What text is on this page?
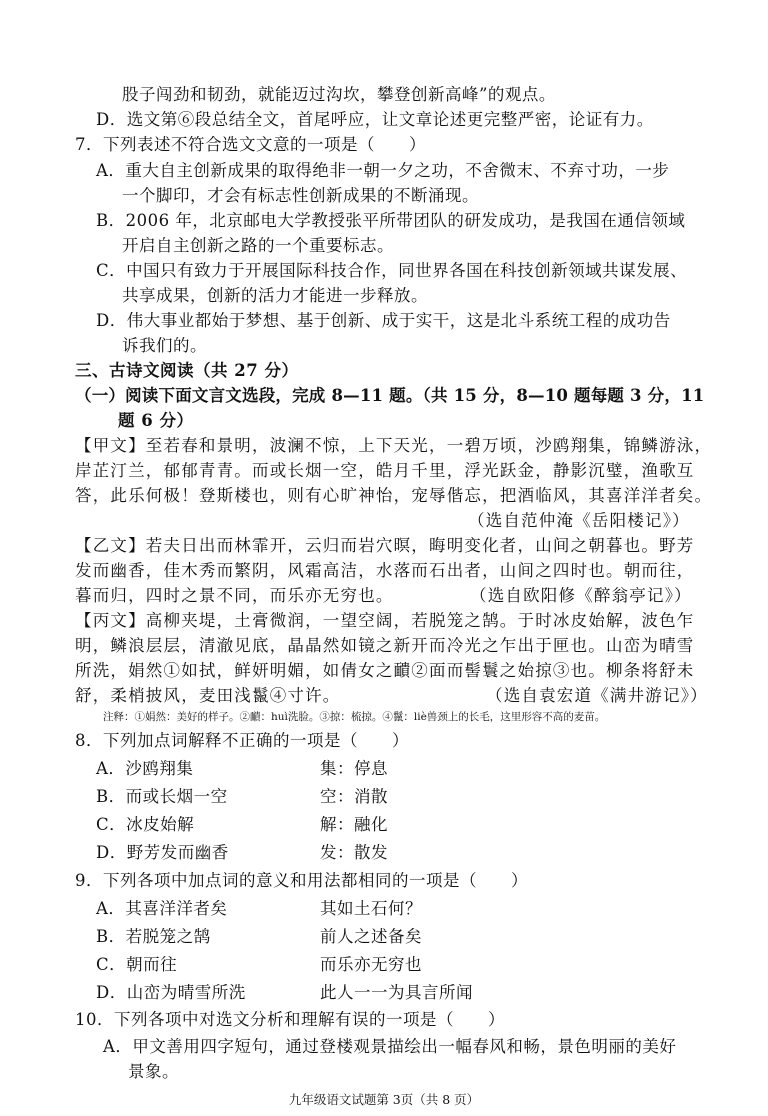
股子闯劲和韧劲，就能迈过沟坎，攀登创新高峰”的观点。
D．选文第⑥段总结全文，首尾呼应，让文章论述更完整严密，论证有力。
7．下列表述不符合选文文意的一项是（　　）
A．重大自主创新成果的取得绝非一朝一夕之功，不舍微末、不弃寸功，一步
一个脚印，才会有标志性创新成果的不断涌现。
B．2006 年，北京邮电大学教授张平所带团队的研发成功，是我国在通信领域
开启自主创新之路的一个重要标志。
C．中国只有致力于开展国际科技合作，同世界各国在科技创新领域共谋发展、
共享成果，创新的活力才能进一步释放。
D．伟大事业都始于梦想、基于创新、成于实干，这是北斗系统工程的成功告
诉我们的。
三、古诗文阅读（共 27 分）
（一）阅读下面文言文选段，完成 8—11 题。（共 15 分，8—10 题每题 3 分，11
题 6 分）
【甲文】至若春和景明，波澜不惊，上下天光，一碧万顷，沙鸥翔集，锦鳞游泳，
岸芷汀兰，郁郁青青。而或长烟一空，皓月千里，浮光跃金，静影沉璧，渔歌互
答，此乐何极！登斯楼也，则有心旷神怡，宠辱偕忘，把酒临风，其喜洋洋者矣。
（选自范仲淹《岳阳楼记》）
【乙文】若夫日出而林霏开，云归而岩穴暝，晦明变化者，山间之朝暮也。野芳
发而幽香，佳木秀而繁阴，风霜高洁，水落而石出者，山间之四时也。朝而往，
暮而归，四时之景不同，而乐亦无穷也。	（选自欧阳修《醉翁亭记》）
【丙文】高柳夹堤，土膏微润，一望空阔，若脱笼之鹄。于时冰皮始解，波色乍
明，鳞浪层层，清澈见底，晶晶然如镜之新开而冷光之乍出于匣也。山峦为晴雪
所洗，娟然①如拭，鲜妍明媚，如倩女之靧②面而髻鬟之始掠③也。柳条将舒未
舒，柔梢披风，麦田浅鬣④寸许。	（选自袁宏道《满井游记》）
注释：①娟然：美好的样子。②靧：huì洗脸。③掠：梳掠。④鬣：liè兽颈上的长毛，这里形容不高的麦苗。
8．下列加点词解释不正确的一项是（　　）
A．沙鸥翔集	集：停息
B．而或长烟一空	空：消散
C．冰皮始解	解：融化
D．野芳发而幽香	发：散发
9．下列各项中加点词的意义和用法都相同的一项是（　　）
A．其喜洋洋者矣	其如土石何？
B．若脱笼之鹄	前人之述备矣
C．朝而往	而乐亦无穷也
D．山峦为晴雪所洗	此人一一为具言所闻
10．下列各项中对选文分析和理解有误的一项是（　　）
A．甲文善用四字短句，通过登楼观景描绘出一幅春风和畅，景色明丽的美好
景象。
九年级语文试题第 3页（共 8 页）
